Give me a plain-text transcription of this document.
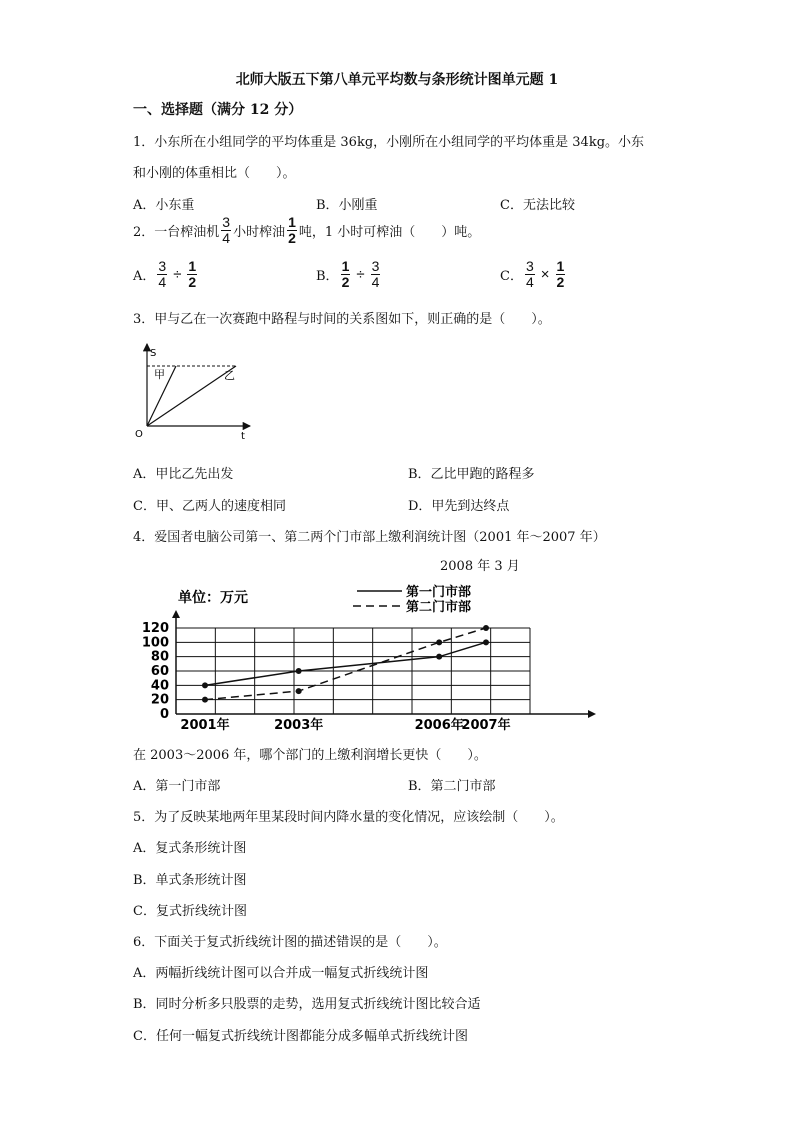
北师大版五下第八单元平均数与条形统计图单元题 1
一、选择题（满分 12 分）
1．小东所在小组同学的平均体重是 36kg，小刚所在小组同学的平均体重是 34kg。小东
和小刚的体重相比（　　）。
A．小东重	B．小刚重	C．无法比较
2．一台榨油机 $\frac{3}{4}$ 小时榨油 $\frac{1}{2}$ 吨，1 小时可榨油（　　）吨。
A． $\frac{3}{4} \div \frac{1}{2}$	B． $\frac{1}{2} \div \frac{3}{4}$	C． $\frac{3}{4} \times \frac{1}{2}$
3．甲与乙在一次赛跑中路程与时间的关系图如下，则正确的是（　　）。
S
t
O
甲	乙
A．甲比乙先出发	B．乙比甲跑的路程多
C．甲、乙两人的速度相同	D．甲先到达终点
4．爱国者电脑公司第一、第二两个门市部上缴利润统计图（2001 年～2007 年）
2008 年 3 月
0
20
40
60
80
100
120
2001年	2003年	2006年
2007年
单位：万元	第一门市部
第二门市部
在 2003～2006 年，哪个部门的上缴利润增长更快（　　）。
A．第一门市部	B．第二门市部
5．为了反映某地两年里某段时间内降水量的变化情况，应该绘制（　　）。
A．复式条形统计图
B．单式条形统计图
C．复式折线统计图
6．下面关于复式折线统计图的描述错误的是（　　）。
A．两幅折线统计图可以合并成一幅复式折线统计图
B．同时分析多只股票的走势，选用复式折线统计图比较合适
C．任何一幅复式折线统计图都能分成多幅单式折线统计图
